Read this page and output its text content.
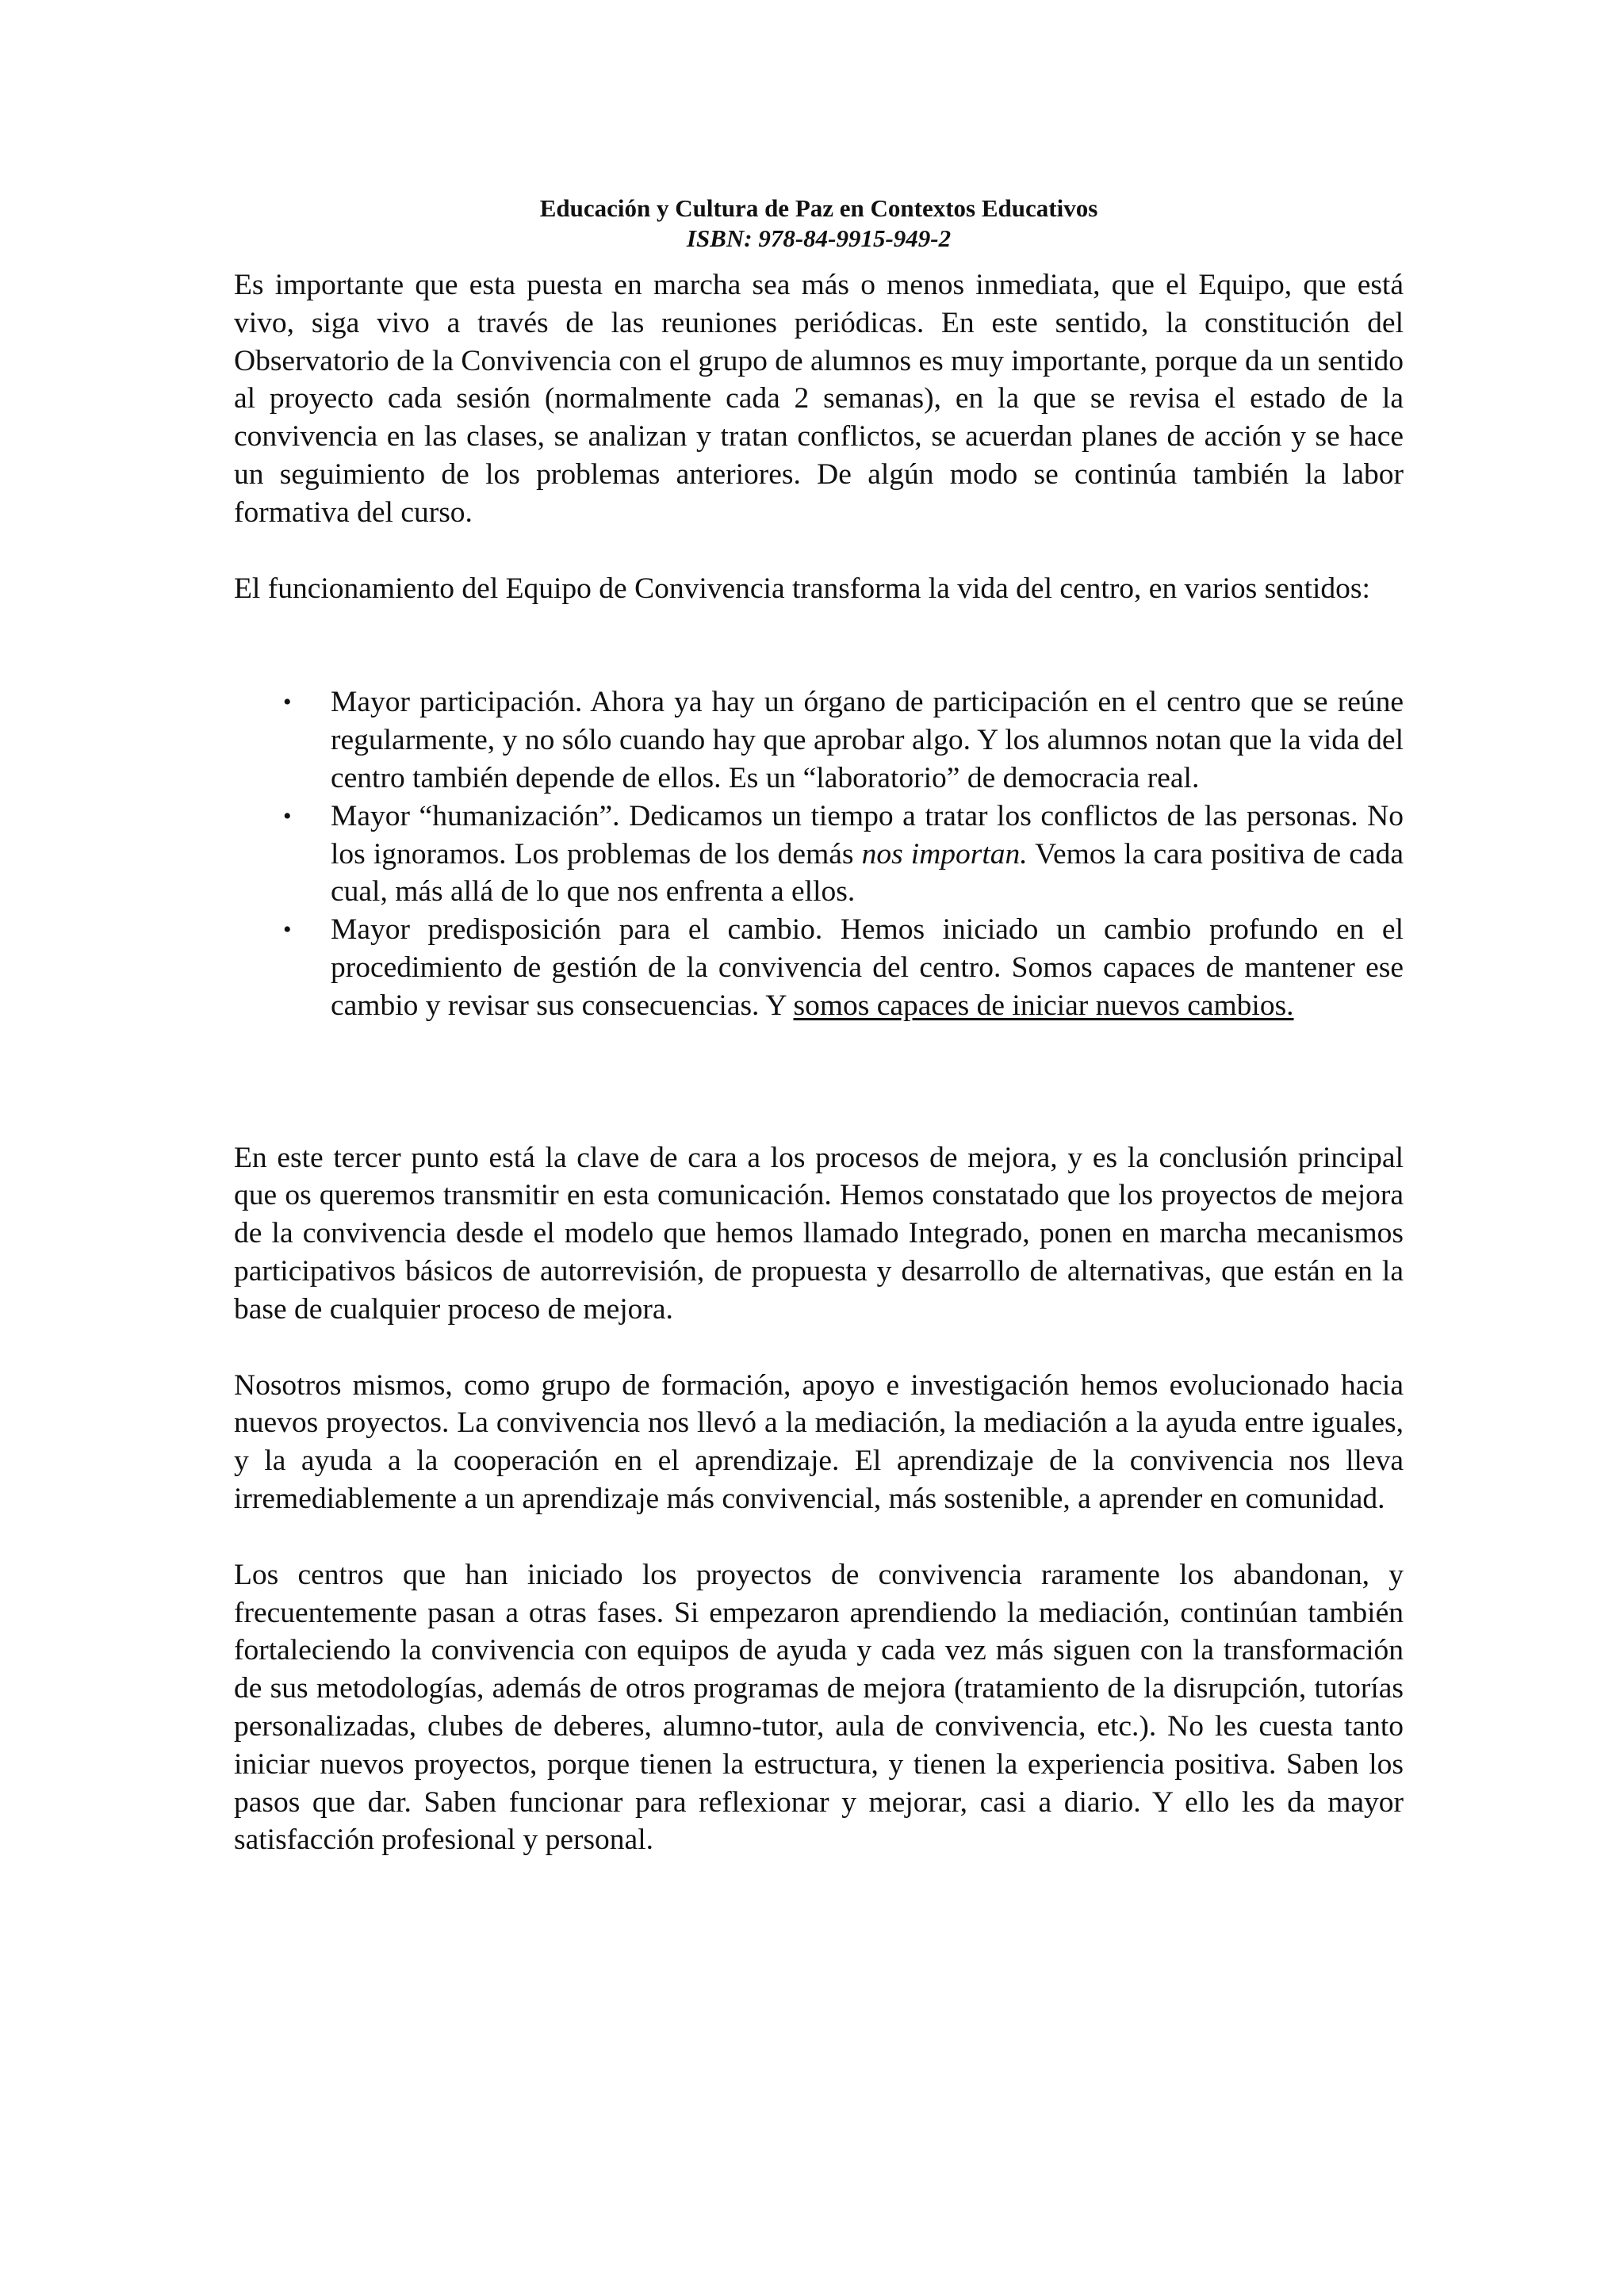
Educación y Cultura de Paz en Contextos Educativos
ISBN: 978-84-9915-949-2

Es importante que esta puesta en marcha sea más o menos inmediata, que el Equipo, que está vivo, siga vivo a través de las reuniones periódicas. En este sentido, la constitución del Observatorio de la Convivencia con el grupo de alumnos es muy importante, porque da un sentido al proyecto cada sesión (normalmente cada 2 semanas), en la que se revisa el estado de la convivencia en las clases, se analizan y tratan conflictos, se acuerdan planes de acción y se hace un seguimiento de los problemas anteriores. De algún modo se continúa también la labor formativa del curso.

El funcionamiento del Equipo de Convivencia transforma la vida del centro, en varios sentidos:

• Mayor participación. Ahora ya hay un órgano de participación en el centro que se reúne regularmente, y no sólo cuando hay que aprobar algo. Y los alumnos notan que la vida del centro también depende de ellos. Es un “laboratorio” de democracia real.
• Mayor “humanización”. Dedicamos un tiempo a tratar los conflictos de las personas. No los ignoramos. Los problemas de los demás nos importan. Vemos la cara positiva de cada cual, más allá de lo que nos enfrenta a ellos.
• Mayor predisposición para el cambio. Hemos iniciado un cambio profundo en el procedimiento de gestión de la convivencia del centro. Somos capaces de mantener ese cambio y revisar sus consecuencias. Y somos capaces de iniciar nuevos cambios.

En este tercer punto está la clave de cara a los procesos de mejora, y es la conclusión principal que os queremos transmitir en esta comunicación. Hemos constatado que los proyectos de mejora de la convivencia desde el modelo que hemos llamado Integrado, ponen en marcha mecanismos participativos básicos de autorrevisión, de propuesta y desarrollo de alternativas, que están en la base de cualquier proceso de mejora.

Nosotros mismos, como grupo de formación, apoyo e investigación hemos evolucionado hacia nuevos proyectos. La convivencia nos llevó a la mediación, la mediación a la ayuda entre iguales, y la ayuda a la cooperación en el aprendizaje. El aprendizaje de la convivencia nos lleva irremediablemente a un aprendizaje más convivencial, más sostenible, a aprender en comunidad.

Los centros que han iniciado los proyectos de convivencia raramente los abandonan, y frecuentemente pasan a otras fases. Si empezaron aprendiendo la mediación, continúan también fortaleciendo la convivencia con equipos de ayuda y cada vez más siguen con la transformación de sus metodologías, además de otros programas de mejora (tratamiento de la disrupción, tutorías personalizadas, clubes de deberes, alumno-tutor, aula de convivencia, etc.). No les cuesta tanto iniciar nuevos proyectos, porque tienen la estructura, y tienen la experiencia positiva. Saben los pasos que dar. Saben funcionar para reflexionar y mejorar, casi a diario. Y ello les da mayor satisfacción profesional y personal.
